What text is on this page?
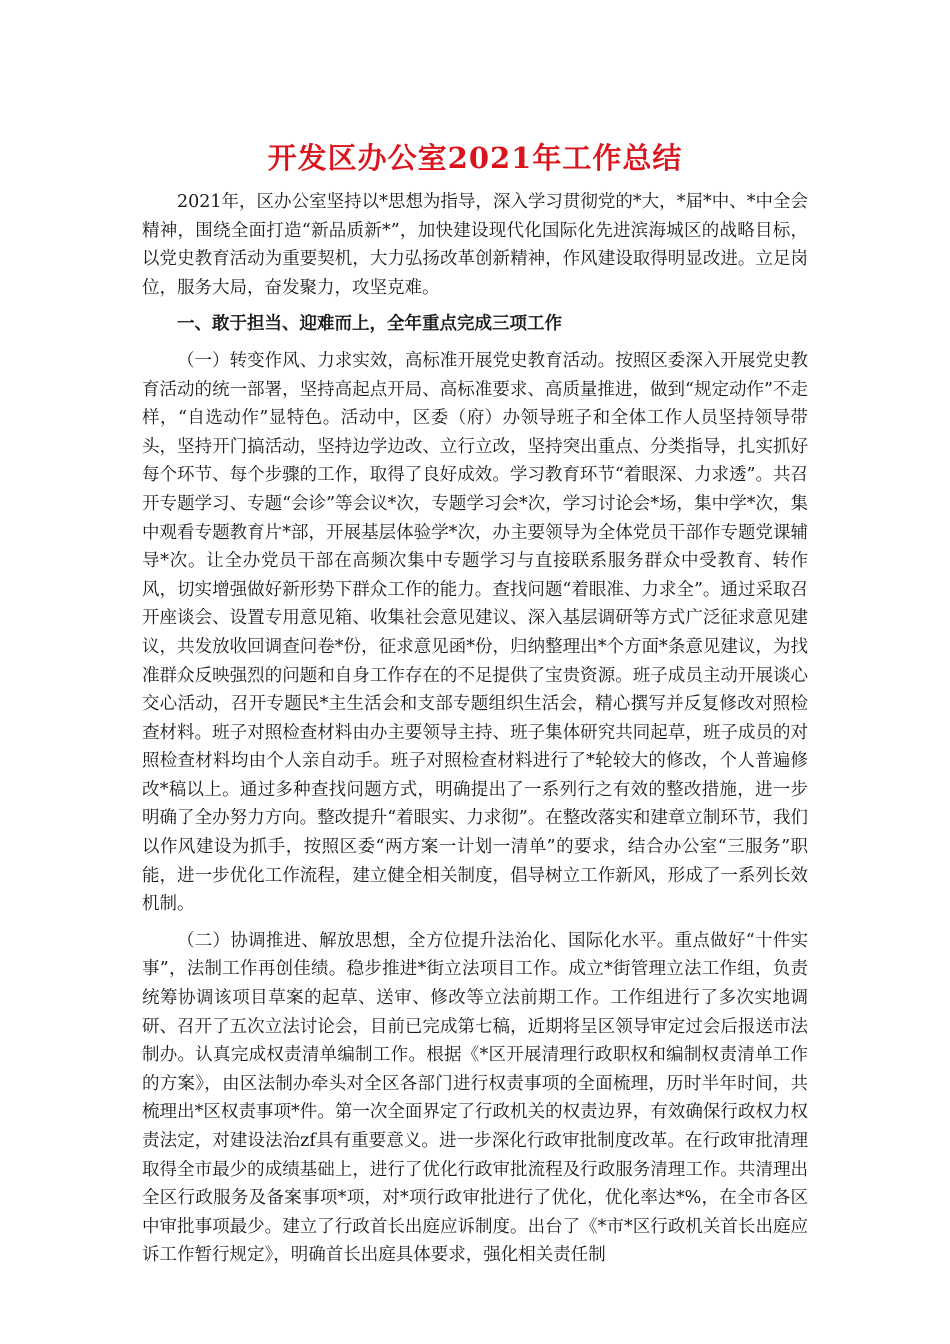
开发区办公室2021年工作总结

2021年，区办公室坚持以*思想为指导，深入学习贯彻党的*大，*届*中、*中全会精神，围绕全面打造“新品质新*”，加快建设现代化国际化先进滨海城区的战略目标，以党史教育活动为重要契机，大力弘扬改革创新精神，作风建设取得明显改进。立足岗位，服务大局，奋发聚力，攻坚克难。

一、敢于担当、迎难而上，全年重点完成三项工作

（一）转变作风、力求实效，高标准开展党史教育活动。按照区委深入开展党史教育活动的统一部署，坚持高起点开局、高标准要求、高质量推进，做到“规定动作”不走样，“自选动作”显特色。活动中，区委（府）办领导班子和全体工作人员坚持领导带头，坚持开门搞活动，坚持边学边改、立行立改，坚持突出重点、分类指导，扎实抓好每个环节、每个步骤的工作，取得了良好成效。学习教育环节“着眼深、力求透”。共召开专题学习、专题“会诊”等会议*次，专题学习会*次，学习讨论会*场，集中学*次，集中观看专题教育片*部，开展基层体验学*次，办主要领导为全体党员干部作专题党课辅导*次。让全办党员干部在高频次集中专题学习与直接联系服务群众中受教育、转作风，切实增强做好新形势下群众工作的能力。查找问题“着眼准、力求全”。通过采取召开座谈会、设置专用意见箱、收集社会意见建议、深入基层调研等方式广泛征求意见建议，共发放收回调查问卷*份，征求意见函*份，归纳整理出*个方面*条意见建议，为找准群众反映强烈的问题和自身工作存在的不足提供了宝贵资源。班子成员主动开展谈心交心活动，召开专题民*主生活会和支部专题组织生活会，精心撰写并反复修改对照检查材料。班子对照检查材料由办主要领导主持、班子集体研究共同起草，班子成员的对照检查材料均由个人亲自动手。班子对照检查材料进行了*轮较大的修改，个人普遍修改*稿以上。通过多种查找问题方式，明确提出了一系列行之有效的整改措施，进一步明确了全办努力方向。整改提升“着眼实、力求彻”。在整改落实和建章立制环节，我们以作风建设为抓手，按照区委“两方案一计划一清单”的要求，结合办公室“三服务”职能，进一步优化工作流程，建立健全相关制度，倡导树立工作新风，形成了一系列长效机制。

（二）协调推进、解放思想，全方位提升法治化、国际化水平。重点做好“十件实事”，法制工作再创佳绩。稳步推进*街立法项目工作。成立*街管理立法工作组，负责统筹协调该项目草案的起草、送审、修改等立法前期工作。工作组进行了多次实地调研、召开了五次立法讨论会，目前已完成第七稿，近期将呈区领导审定过会后报送市法制办。认真完成权责清单编制工作。根据《*区开展清理行政职权和编制权责清单工作的方案》，由区法制办牵头对全区各部门进行权责事项的全面梳理，历时半年时间，共梳理出*区权责事项*件。第一次全面界定了行政机关的权责边界，有效确保行政权力权责法定，对建设法治zf具有重要意义。进一步深化行政审批制度改革。在行政审批清理取得全市最少的成绩基础上，进行了优化行政审批流程及行政服务清理工作。共清理出全区行政服务及备案事项*项，对*项行政审批进行了优化，优化率达*%，在全市各区中审批事项最少。建立了行政首长出庭应诉制度。出台了《*市*区行政机关首长出庭应诉工作暂行规定》，明确首长出庭具体要求，强化相关责任制
